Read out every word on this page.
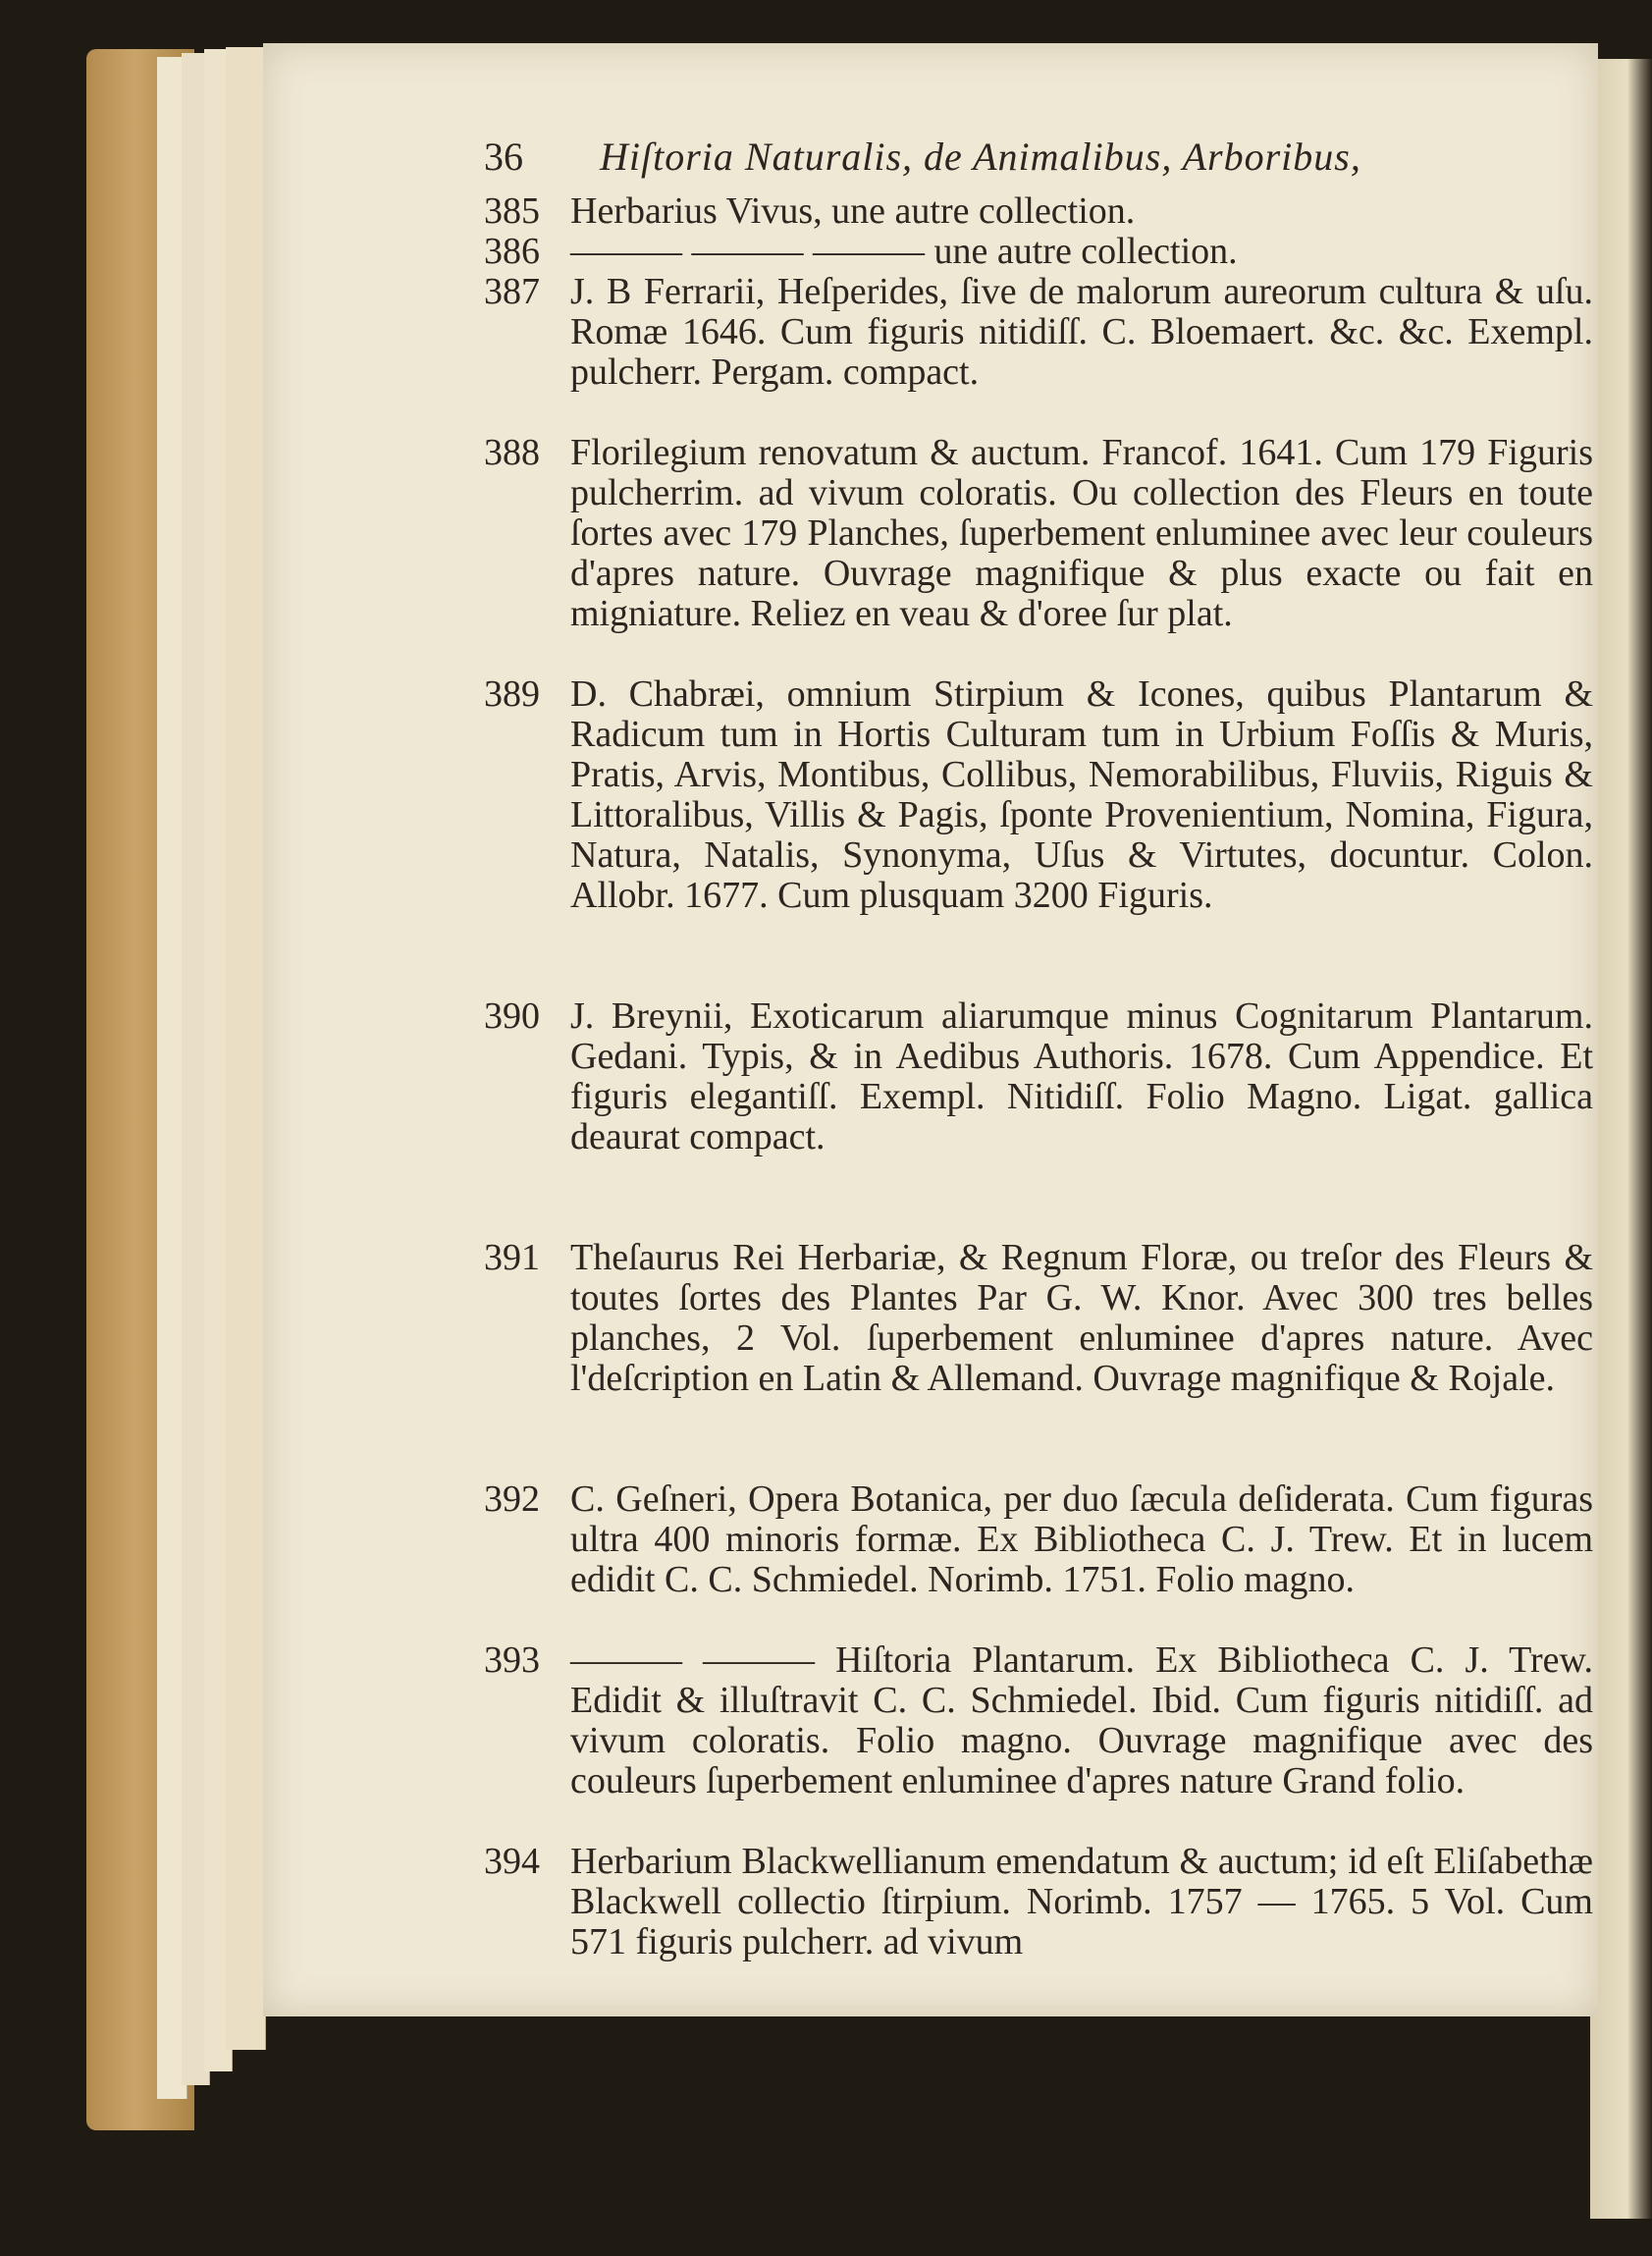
36 Hiſtoria Naturalis, de Animalibus, Arboribus,
385 Herbarius Vivus, une autre collection.
386 ——— ——— ——— une autre collection.
387 J. B Ferrarii, Heſperides, ſive de malorum aureorum cultura & uſu. Romæ 1646. Cum figuris nitidiſſ. C. Bloemaert. &c. &c. Exempl. pulcherr. Pergam. compact.
388 Florilegium renovatum & auctum. Francof. 1641. Cum 179 Figuris pulcherrim. ad vivum coloratis. Ou collection des Fleurs en toute ſortes avec 179 Planches, ſuperbement enluminee avec leur couleurs d'apres nature. Ouvrage magnifique & plus exacte ou fait en migniature. Reliez en veau & d'oree ſur plat.
389 D. Chabræi, omnium Stirpium & Icones, quibus Plantarum & Radicum tum in Hortis Culturam tum in Urbium Foſſis & Muris, Pratis, Arvis, Montibus, Collibus, Nemorabilibus, Fluviis, Riguis & Littoralibus, Villis & Pagis, ſponte Provenientium, Nomina, Figura, Natura, Natalis, Synonyma, Uſus & Virtutes, docuntur. Colon. Allobr. 1677. Cum plusquam 3200 Figuris.
390 J. Breynii, Exoticarum aliarumque minus Cognitarum Plantarum. Gedani. Typis, & in Aedibus Authoris. 1678. Cum Appendice. Et figuris elegantiſſ. Exempl. Nitidiſſ. Folio Magno. Ligat. gallica deaurat compact.
391 Theſaurus Rei Herbariæ, & Regnum Floræ, ou treſor des Fleurs & toutes ſortes des Plantes Par G. W. Knor. Avec 300 tres belles planches, 2 Vol. ſuperbement enluminee d'apres nature. Avec l'deſcription en Latin & Allemand. Ouvrage magnifique & Rojale.
392 C. Geſneri, Opera Botanica, per duo ſæcula deſiderata. Cum figuras ultra 400 minoris formæ. Ex Bibliotheca C. J. Trew. Et in lucem edidit C. C. Schmiedel. Norimb. 1751. Folio magno.
393 ——— ——— Hiſtoria Plantarum. Ex Bibliotheca C. J. Trew. Edidit & illuſtravit C. C. Schmiedel. Ibid. Cum figuris nitidiſſ. ad vivum coloratis. Folio magno. Ouvrage magnifique avec des couleurs ſuperbement enluminee d'apres nature Grand folio.
394 Herbarium Blackwellianum emendatum & auctum; id eſt Eliſabethæ Blackwell collectio ſtirpium. Norimb. 1757 — 1765. 5 Vol. Cum 571 figuris pulcherr. ad vivum
